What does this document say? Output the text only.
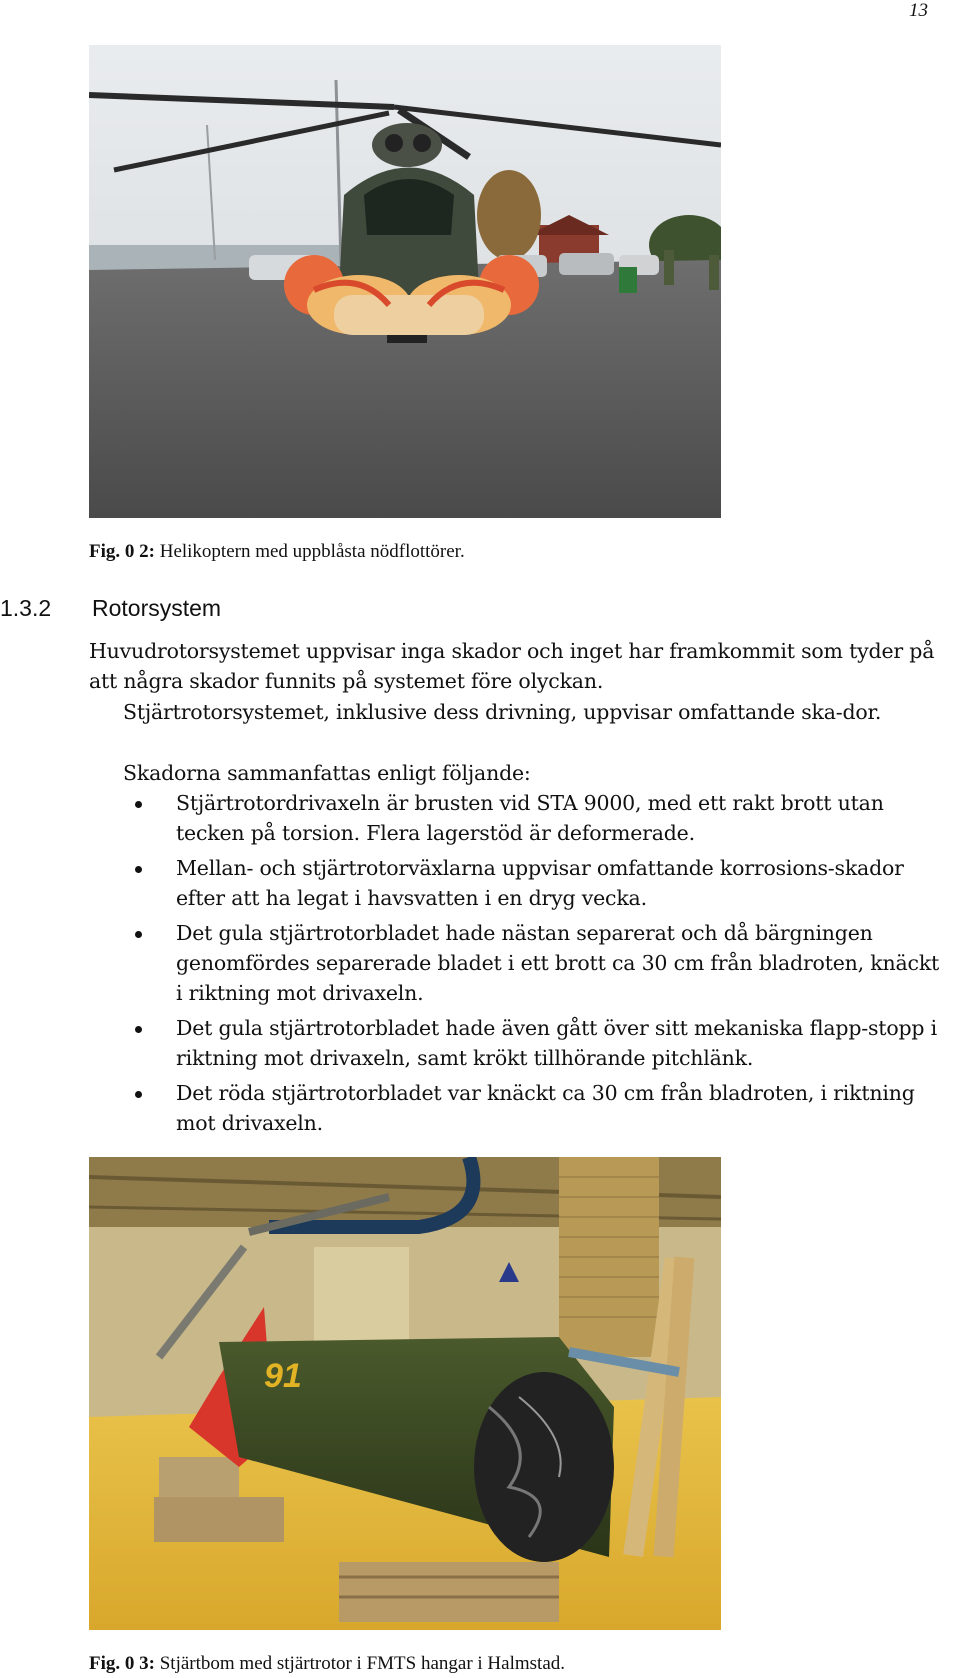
13
Fig. 0 2: Helikoptern med uppblåsta nödflottörer.
1.3.2 Rotorsystem
Huvudrotorsystemet uppvisar inga skador och inget har framkommit som tyder på att några skador funnits på systemet före olyckan.
Stjärtrotorsystemet, inklusive dess drivning, uppvisar omfattande ska-dor.
Skadorna sammanfattas enligt följande:
Stjärtrotordrivaxeln är brusten vid STA 9000, med ett rakt brott utan tecken på torsion. Flera lagerstöd är deformerade.
Mellan- och stjärtrotorväxlarna uppvisar omfattande korrosions-skador efter att ha legat i havsvatten i en dryg vecka.
Det gula stjärtrotorbladet hade nästan separerat och då bärgningen genomfördes separerade bladet i ett brott ca 30 cm från bladroten, knäckt i riktning mot drivaxeln.
Det gula stjärtrotorbladet hade även gått över sitt mekaniska flapp-stopp i riktning mot drivaxeln, samt krökt tillhörande pitchlänk.
Det röda stjärtrotorbladet var knäckt ca 30 cm från bladroten, i riktning mot drivaxeln.
91
Fig. 0 3: Stjärtbom med stjärtrotor i FMTS hangar i Halmstad.
